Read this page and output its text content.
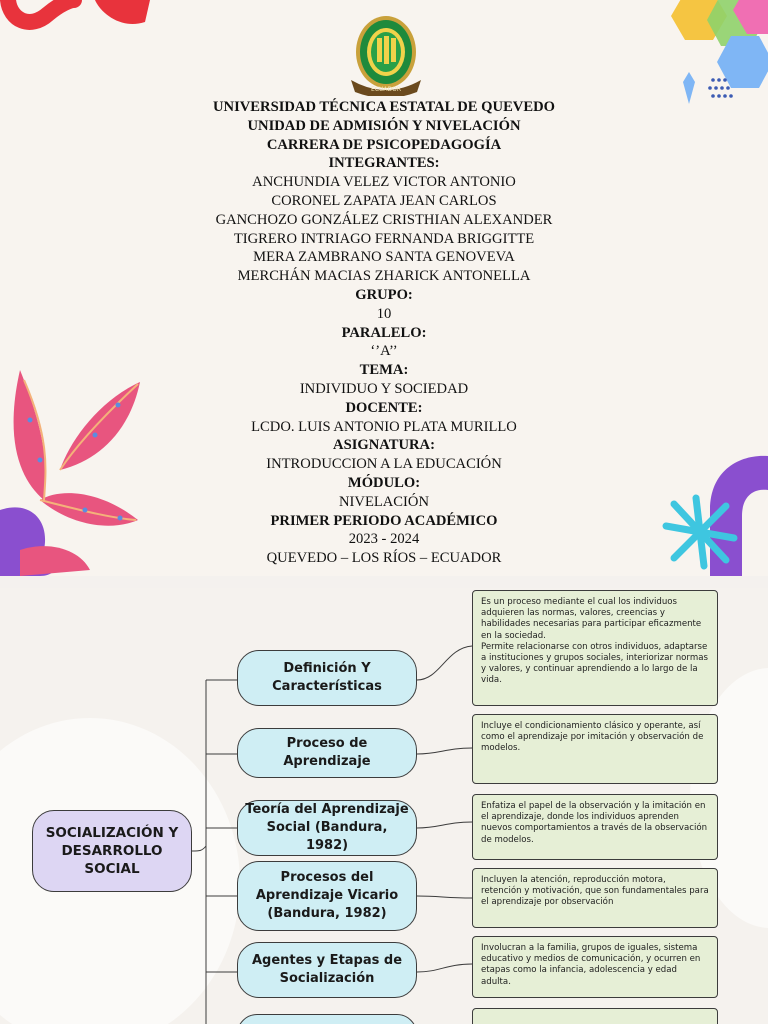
ECUADOR
UNIVERSIDAD TÉCNICA ESTATAL DE QUEVEDO
UNIDAD DE ADMISIÓN Y NIVELACIÓN
CARRERA DE PSICOPEDAGOGÍA
INTEGRANTES:
ANCHUNDIA VELEZ VICTOR ANTONIO
CORONEL ZAPATA JEAN CARLOS
GANCHOZO GONZÁLEZ CRISTHIAN ALEXANDER
TIGRERO INTRIAGO FERNANDA BRIGGITTE
MERA ZAMBRANO SANTA GENOVEVA
MERCHÁN MACIAS ZHARICK ANTONELLA
GRUPO:
10
PARALELO:
‘’A’’
TEMA:
INDIVIDUO Y SOCIEDAD
DOCENTE:
LCDO. LUIS ANTONIO PLATA MURILLO
ASIGNATURA:
INTRODUCCION A LA EDUCACIÓN
MÓDULO:
NIVELACIÓN
PRIMER PERIODO ACADÉMICO
2023 - 2024
QUEVEDO – LOS RÍOS – ECUADOR
SOCIALIZACIÓN Y DESARROLLO SOCIAL
Definición Y Características
Proceso de Aprendizaje
Teoría del Aprendizaje Social (Bandura, 1982)
Procesos del Aprendizaje Vicario (Bandura, 1982)
Agentes y Etapas de Socialización

Es un proceso mediante el cual los individuos adquieren las normas, valores, creencias y habilidades necesarias para participar eficazmente en la sociedad.

Permite relacionarse con otros individuos, adaptarse a instituciones y grupos sociales, interiorizar normas y valores, y continuar aprendiendo a lo largo de la vida.

Incluye el condicionamiento clásico y operante, así como el aprendizaje por imitación y observación de modelos.

Enfatiza el papel de la observación y la imitación en el aprendizaje, donde los individuos aprenden nuevos comportamientos a través de la observación de modelos.

Incluyen la atención, reproducción motora, retención y motivación, que son fundamentales para el aprendizaje por observación

Involucran a la familia, grupos de iguales, sistema educativo y medios de comunicación, y ocurren en etapas como la infancia, adolescencia y edad adulta.
